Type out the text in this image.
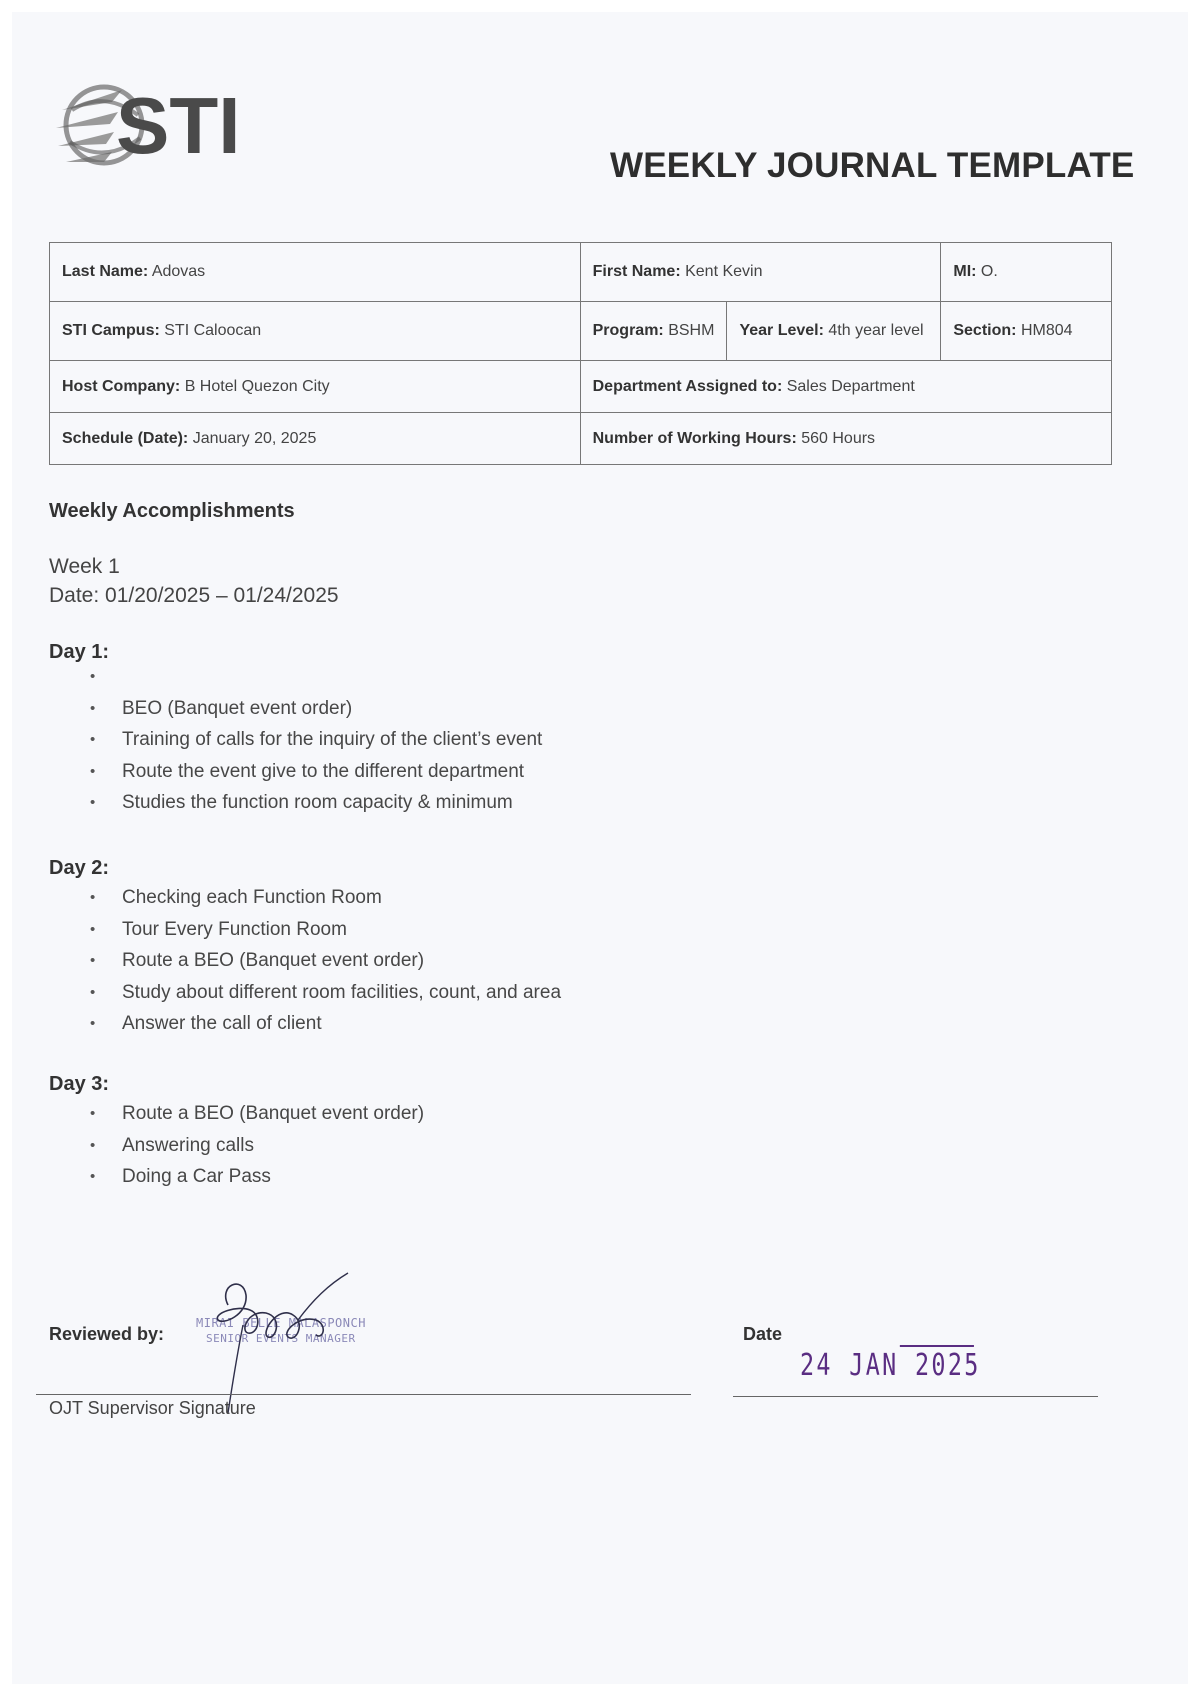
STI	WEEKLY JOURNAL TEMPLATE
Last Name: Adovas	First Name: Kent Kevin		MI: O.
STI Campus: STI Caloocan	Program: BSHM	Year Level: 4th year level	Section: HM804
Host Company: B Hotel Quezon City	Department Assigned to: Sales Department		
Schedule (Date): January 20, 2025	Number of Working Hours: 560 Hours		
Weekly Accomplishments
Week 1
Date: 01/20/2025 – 01/24/2025
Day 1:
•
• BEO (Banquet event order)
• Training of calls for the inquiry of the client’s event
• Route the event give to the different department
• Studies the function room capacity & minimum
Day 2:
• Checking each Function Room
• Tour Every Function Room
• Route a BEO (Banquet event order)
• Study about different room facilities, count, and area
• Answer the call of client
Day 3:
• Route a BEO (Banquet event order)
• Answering calls
• Doing a Car Pass
Reviewed by:
MIRAI BELLE MALASPONCH
SENIOR EVENTS MANAGER
OJT Supervisor Signature
Date
24 JAN 2025
